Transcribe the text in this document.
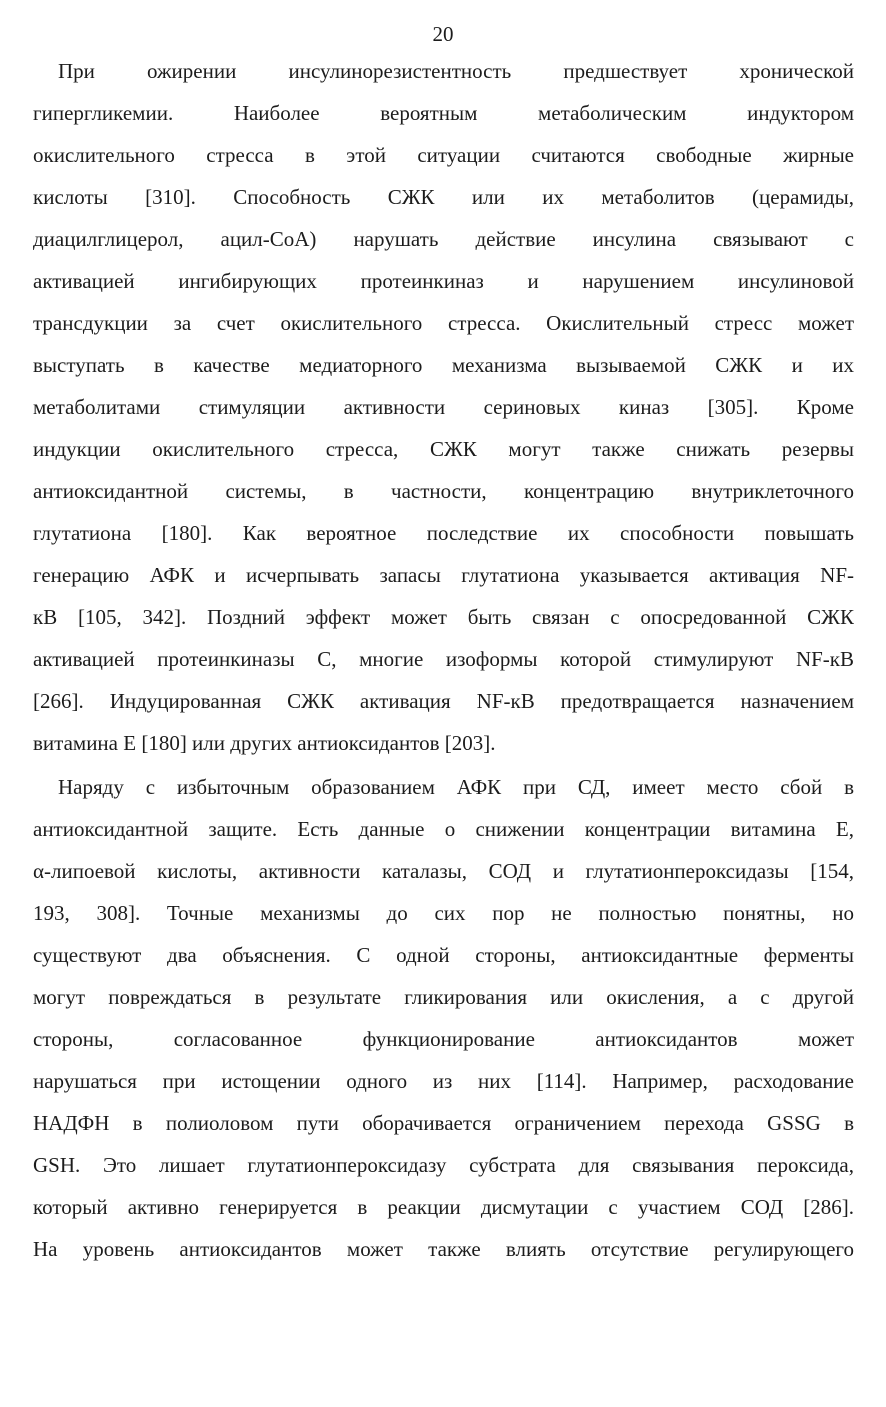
20
При ожирении инсулинорезистентность предшествует хронической
гипергликемии. Наиболее вероятным метаболическим индуктором
окислительного стресса в этой ситуации считаются свободные жирные
кислоты [310]. Способность СЖК или их метаболитов (церамиды,
диацилглицерол, ацил-СоА) нарушать действие инсулина связывают с
активацией ингибирующих протеинкиназ и нарушением инсулиновой
трансдукции за счет окислительного стресса. Окислительный стресс может
выступать в качестве медиаторного механизма вызываемой СЖК и их
метаболитами стимуляции активности сериновых киназ [305]. Кроме
индукции окислительного стресса, СЖК могут также снижать резервы
антиоксидантной системы, в частности, концентрацию внутриклеточного
глутатиона [180]. Как вероятное последствие их способности повышать
генерацию АФК и исчерпывать запасы глутатиона указывается активация NF-
кВ [105, 342]. Поздний эффект может быть связан с опосредованной СЖК
активацией протеинкиназы С, многие изоформы которой стимулируют NF-кВ
[266]. Индуцированная СЖК активация NF-кВ предотвращается назначением
витамина Е [180] или других антиоксидантов [203].
Наряду с избыточным образованием АФК при СД, имеет место сбой в
антиоксидантной защите. Есть данные о снижении концентрации витамина Е,
α-липоевой кислоты, активности каталазы, СОД и глутатионпероксидазы [154,
193, 308]. Точные механизмы до сих пор не полностью понятны, но
существуют два объяснения. С одной стороны, антиоксидантные ферменты
могут повреждаться в результате гликирования или окисления, а с другой
стороны, согласованное функционирование антиоксидантов может
нарушаться при истощении одного из них [114]. Например, расходование
НАДФН в полиоловом пути оборачивается ограничением перехода GSSG в
GSH. Это лишает глутатионпероксидазу субстрата для связывания пероксида,
который активно генерируется в реакции дисмутации с участием СОД [286].
На уровень антиоксидантов может также влиять отсутствие регулирующего
